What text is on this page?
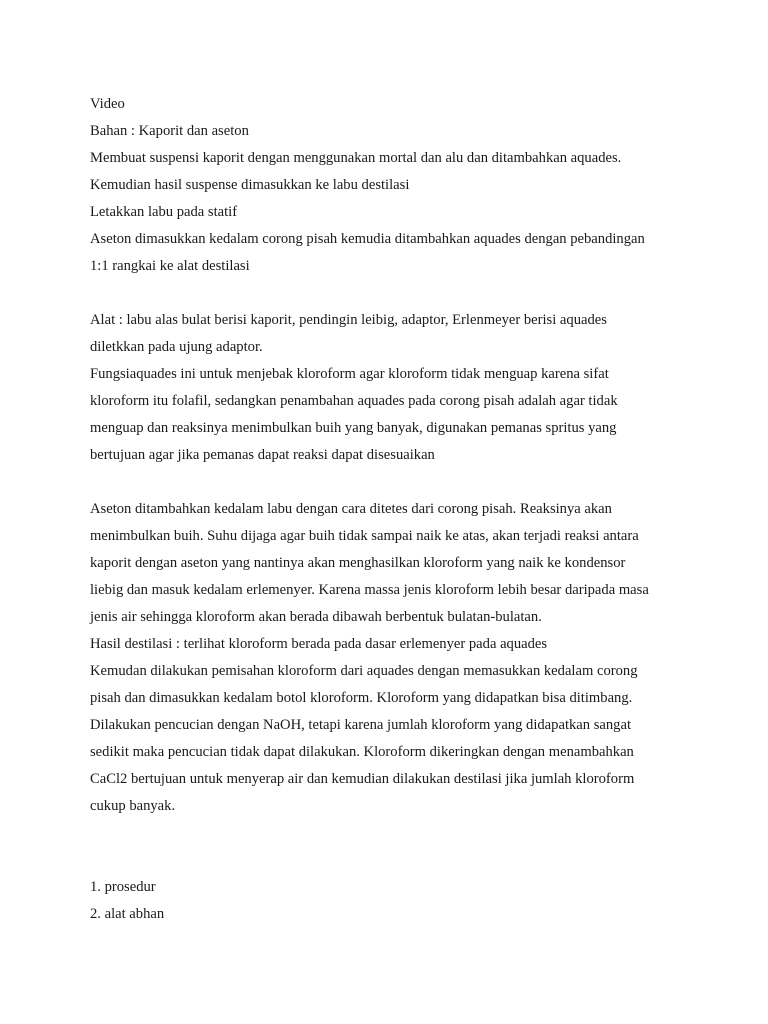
Video
Bahan : Kaporit dan aseton
Membuat suspensi kaporit dengan menggunakan mortal dan alu dan ditambahkan aquades.
Kemudian hasil suspense dimasukkan ke labu destilasi
Letakkan labu pada statif
Aseton dimasukkan kedalam corong pisah kemudia ditambahkan aquades dengan pebandingan
1:1 rangkai ke alat destilasi
Alat : labu alas bulat berisi kaporit, pendingin leibig, adaptor, Erlenmeyer berisi aquades
diletkkan pada ujung adaptor.
Fungsiaquades ini untuk menjebak kloroform agar kloroform tidak menguap karena sifat
kloroform itu folafil, sedangkan penambahan aquades pada corong pisah adalah agar tidak
menguap dan reaksinya menimbulkan buih yang banyak, digunakan pemanas spritus yang
bertujuan agar jika pemanas dapat reaksi dapat disesuaikan
Aseton ditambahkan kedalam labu dengan cara ditetes dari corong pisah. Reaksinya akan
menimbulkan buih. Suhu dijaga agar buih tidak sampai naik ke atas, akan terjadi reaksi antara
kaporit dengan aseton yang nantinya akan menghasilkan kloroform yang naik ke kondensor
liebig dan masuk kedalam erlemenyer. Karena massa jenis kloroform lebih besar daripada masa
jenis air sehingga kloroform akan berada dibawah berbentuk bulatan-bulatan.
Hasil destilasi : terlihat kloroform berada pada dasar erlemenyer pada aquades
Kemudan dilakukan pemisahan kloroform dari aquades dengan memasukkan kedalam corong
pisah dan dimasukkan kedalam botol kloroform. Kloroform yang didapatkan bisa ditimbang.
Dilakukan pencucian dengan NaOH, tetapi karena jumlah kloroform yang didapatkan sangat
sedikit maka pencucian tidak dapat dilakukan. Kloroform dikeringkan dengan menambahkan
CaCl2 bertujuan untuk menyerap air dan kemudian dilakukan destilasi jika jumlah kloroform
cukup banyak.
1. prosedur
2. alat abhan
